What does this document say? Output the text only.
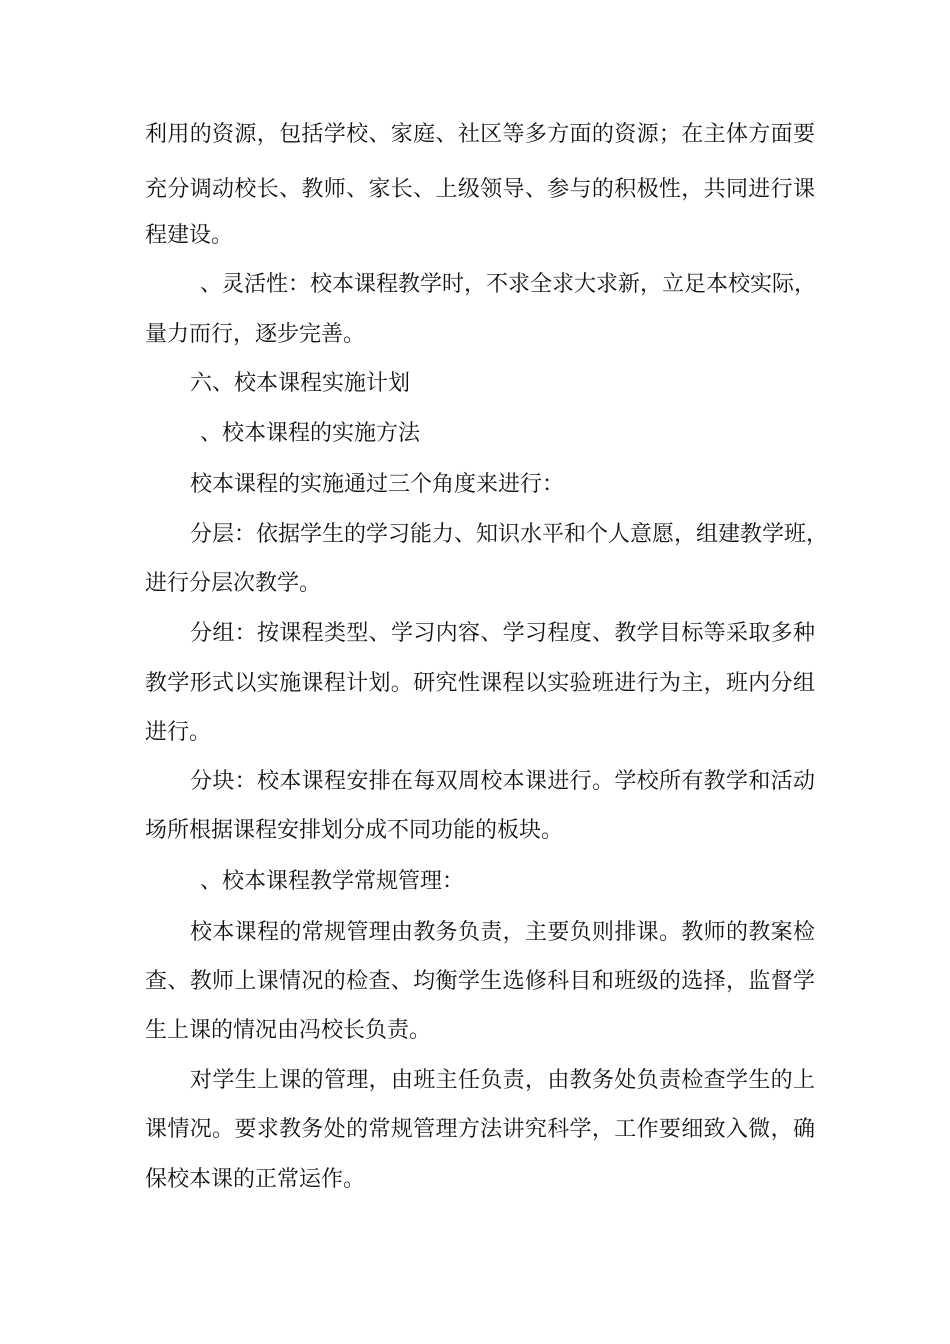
利用的资源，包括学校、家庭、社区等多方面的资源；在主体方面要
充分调动校长、教师、家长、上级领导、参与的积极性，共同进行课
程建设。
、灵活性：校本课程教学时，不求全求大求新，立足本校实际，
量力而行，逐步完善。
六、校本课程实施计划
、校本课程的实施方法
校本课程的实施通过三个角度来进行：
分层：依据学生的学习能力、知识水平和个人意愿，组建教学班，
进行分层次教学。
分组：按课程类型、学习内容、学习程度、教学目标等采取多种
教学形式以实施课程计划。研究性课程以实验班进行为主，班内分组
进行。
分块：校本课程安排在每双周校本课进行。学校所有教学和活动
场所根据课程安排划分成不同功能的板块。
、校本课程教学常规管理：
校本课程的常规管理由教务负责，主要负则排课。教师的教案检
查、教师上课情况的检查、均衡学生选修科目和班级的选择，监督学
生上课的情况由冯校长负责。
对学生上课的管理，由班主任负责，由教务处负责检查学生的上
课情况。要求教务处的常规管理方法讲究科学，工作要细致入微，确
保校本课的正常运作。
